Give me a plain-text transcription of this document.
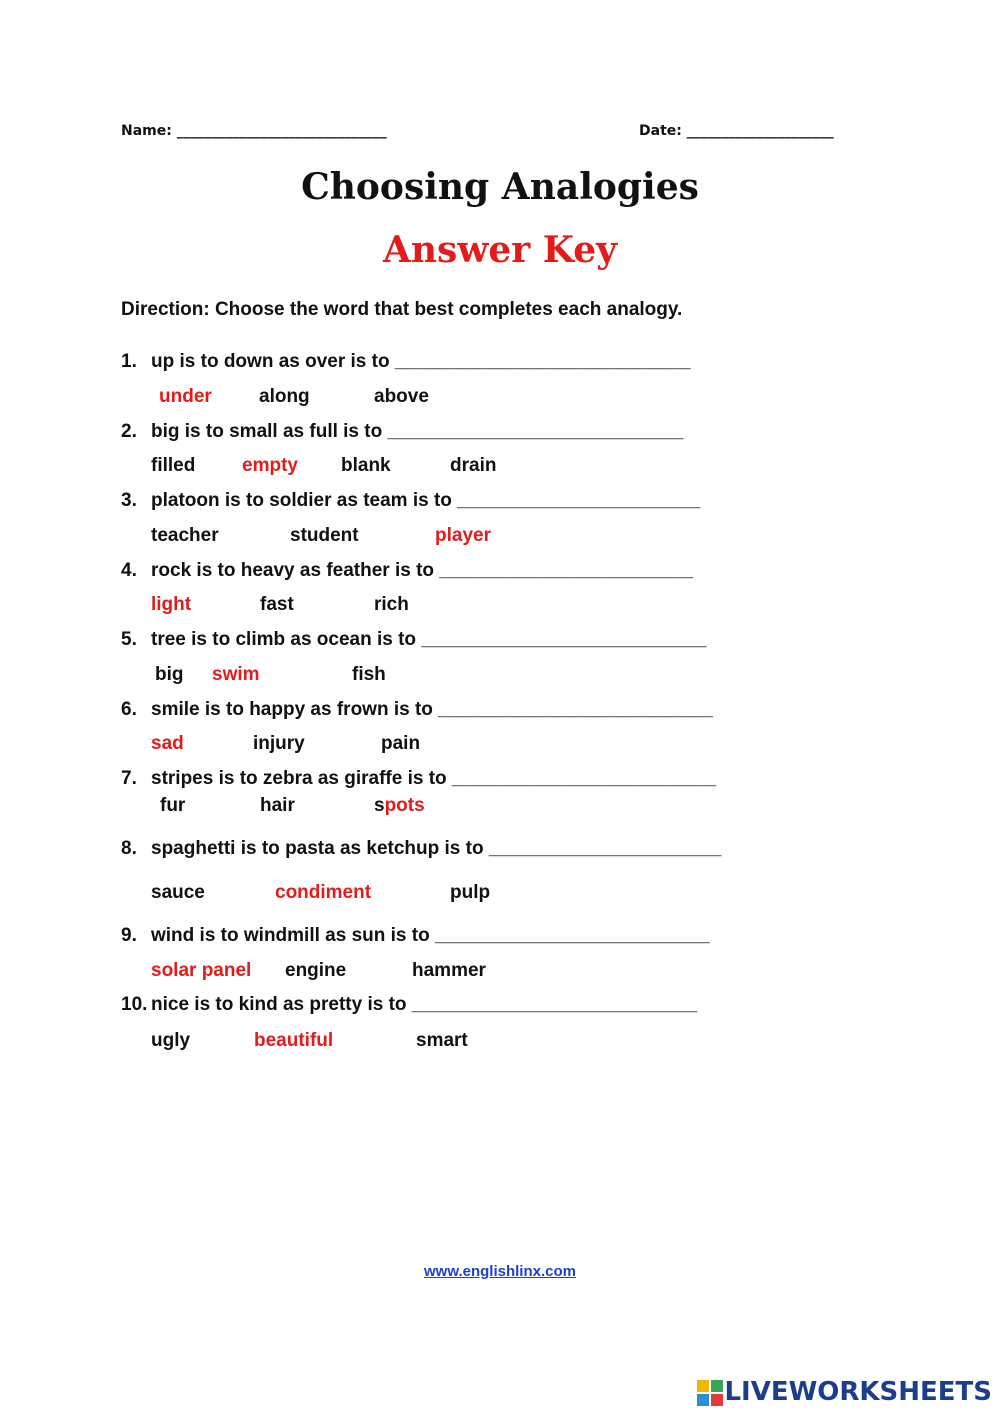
Name: ______________________________	Date: _____________________
Choosing Analogies
Answer Key
Direction: Choose the word that best completes each analogy.
1. up is to down as over is to ____________________________
under along	above
2. big is to small as full is to ____________________________
filled empty blank	drain
3. platoon is to soldier as team is to _______________________
teacher	student	player
4. rock is to heavy as feather is to ________________________
light	fast	rich
5. tree is to climb as ocean is to ___________________________
big swim	fish
6. smile is to happy as frown is to __________________________
sad	injury	pain
7. stripes is to zebra as giraffe is to _________________________
fur	hair	spots
8. spaghetti is to pasta as ketchup is to ______________________
sauce	condiment	pulp
9. wind is to windmill as sun is to __________________________
solar panel engine	hammer
10. nice is to kind as pretty is to ___________________________
ugly	beautiful	smart
www.englishlinx.com
LIVEWORKSHEETS
